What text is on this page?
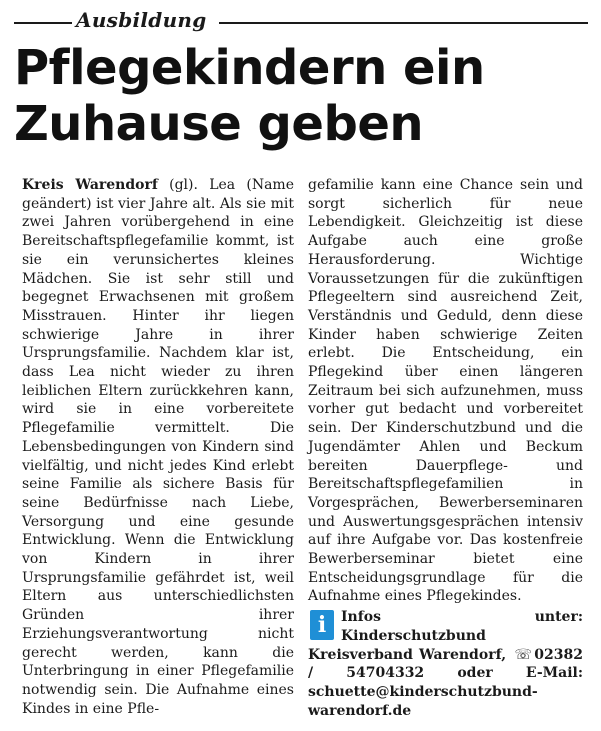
Ausbildung
Pflegekindern ein Zuhause geben
Kreis Warendorf (gl). Lea (Name geändert) ist vier Jahre alt. Als sie mit zwei Jahren vorübergehend in eine Bereitschaftspflegefamilie kommt, ist sie ein verunsichertes kleines Mädchen. Sie ist sehr still und begegnet Erwachsenen mit großem Misstrauen. Hinter ihr liegen schwierige Jahre in ihrer Ursprungsfamilie. Nachdem klar ist, dass Lea nicht wieder zu ihren leiblichen Eltern zurückkehren kann, wird sie in eine vorbereitete Pflegefamilie vermittelt. Die Lebensbedingungen von Kindern sind vielfältig, und nicht jedes Kind erlebt seine Familie als sichere Basis für seine Bedürfnisse nach Liebe, Versorgung und eine gesunde Entwicklung. Wenn die Entwicklung von Kindern in ihrer Ursprungsfamilie gefährdet ist, weil Eltern aus unterschiedlichsten Gründen ihrer Erziehungsverantwortung nicht gerecht werden, kann die Unterbringung in einer Pflegefamilie notwendig sein. Die Aufnahme eines Kindes in eine Pfle-
gefamilie kann eine Chance sein und sorgt sicherlich für neue Lebendigkeit. Gleichzeitig ist diese Aufgabe auch eine große Herausforderung. Wichtige Voraussetzungen für die zukünftigen Pflegeeltern sind ausreichend Zeit, Verständnis und Geduld, denn diese Kinder haben schwierige Zeiten erlebt. Die Entscheidung, ein Pflegekind über einen längeren Zeitraum bei sich aufzunehmen, muss vorher gut bedacht und vorbereitet sein. Der Kinderschutzbund und die Jugendämter Ahlen und Beckum bereiten Dauerpflege- und Bereitschaftspflegefamilien in Vorgesprächen, Bewerberseminaren und Auswertungsgesprächen intensiv auf ihre Aufgabe vor. Das kostenfreie Bewerberseminar bietet eine Entscheidungsgrundlage für die Aufnahme eines Pflegekindes.
i	Infos unter: Kinderschutzbund Kreisverband Warendorf, ☏ 02382 / 54704332 oder E-Mail: schuette@kinderschutzbund-warendorf.de
